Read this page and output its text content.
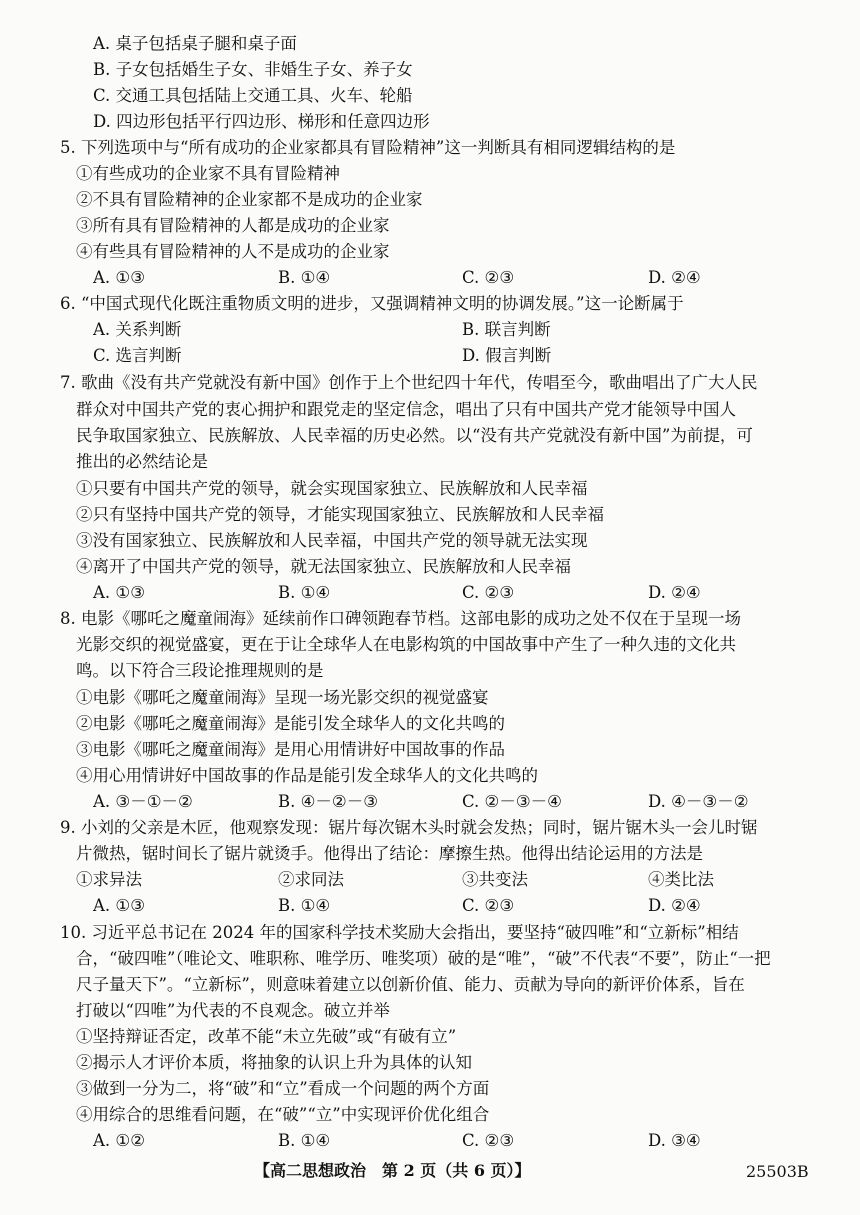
A. 桌子包括桌子腿和桌子面
B. 子女包括婚生子女、非婚生子女、养子女
C. 交通工具包括陆上交通工具、火车、轮船
D. 四边形包括平行四边形、梯形和任意四边形
5. 下列选项中与“所有成功的企业家都具有冒险精神”这一判断具有相同逻辑结构的是
①有些成功的企业家不具有冒险精神
②不具有冒险精神的企业家都不是成功的企业家
③所有具有冒险精神的人都是成功的企业家
④有些具有冒险精神的人不是成功的企业家
A. ①③	B. ①④	C. ②③	D. ②④
6. “中国式现代化既注重物质文明的进步，又强调精神文明的协调发展。”这一论断属于
A. 关系判断	B. 联言判断
C. 选言判断	D. 假言判断
7. 歌曲《没有共产党就没有新中国》创作于上个世纪四十年代，传唱至今，歌曲唱出了广大人民
群众对中国共产党的衷心拥护和跟党走的坚定信念，唱出了只有中国共产党才能领导中国人
民争取国家独立、民族解放、人民幸福的历史必然。以“没有共产党就没有新中国”为前提，可
推出的必然结论是
①只要有中国共产党的领导，就会实现国家独立、民族解放和人民幸福
②只有坚持中国共产党的领导，才能实现国家独立、民族解放和人民幸福
③没有国家独立、民族解放和人民幸福，中国共产党的领导就无法实现
④离开了中国共产党的领导，就无法国家独立、民族解放和人民幸福
A. ①③	B. ①④	C. ②③	D. ②④
8. 电影《哪吒之魔童闹海》延续前作口碑领跑春节档。这部电影的成功之处不仅在于呈现一场
光影交织的视觉盛宴，更在于让全球华人在电影构筑的中国故事中产生了一种久违的文化共
鸣。以下符合三段论推理规则的是
①电影《哪吒之魔童闹海》呈现一场光影交织的视觉盛宴
②电影《哪吒之魔童闹海》是能引发全球华人的文化共鸣的
③电影《哪吒之魔童闹海》是用心用情讲好中国故事的作品
④用心用情讲好中国故事的作品是能引发全球华人的文化共鸣的
A. ③－①－②	B. ④－②－③	C. ②－③－④	D. ④－③－②
9. 小刘的父亲是木匠，他观察发现：锯片每次锯木头时就会发热；同时，锯片锯木头一会儿时锯
片微热，锯时间长了锯片就烫手。他得出了结论：摩擦生热。他得出结论运用的方法是
①求异法	②求同法	③共变法	④类比法
A. ①③	B. ①④	C. ②③	D. ②④
10. 习近平总书记在 2024 年的国家科学技术奖励大会指出，要坚持“破四唯”和“立新标”相结
合，“破四唯”（唯论文、唯职称、唯学历、唯奖项）破的是“唯”，“破”不代表“不要”，防止“一把
尺子量天下”。“立新标”，则意味着建立以创新价值、能力、贡献为导向的新评价体系，旨在
打破以“四唯”为代表的不良观念。破立并举
①坚持辩证否定，改革不能“未立先破”或“有破有立”
②揭示人才评价本质，将抽象的认识上升为具体的认知
③做到一分为二，将“破”和“立”看成一个问题的两个方面
④用综合的思维看问题，在“破”“立”中实现评价优化组合
A. ①②	B. ①④	C. ②③	D. ③④
【高二思想政治　第 2 页（共 6 页）】	25503B
